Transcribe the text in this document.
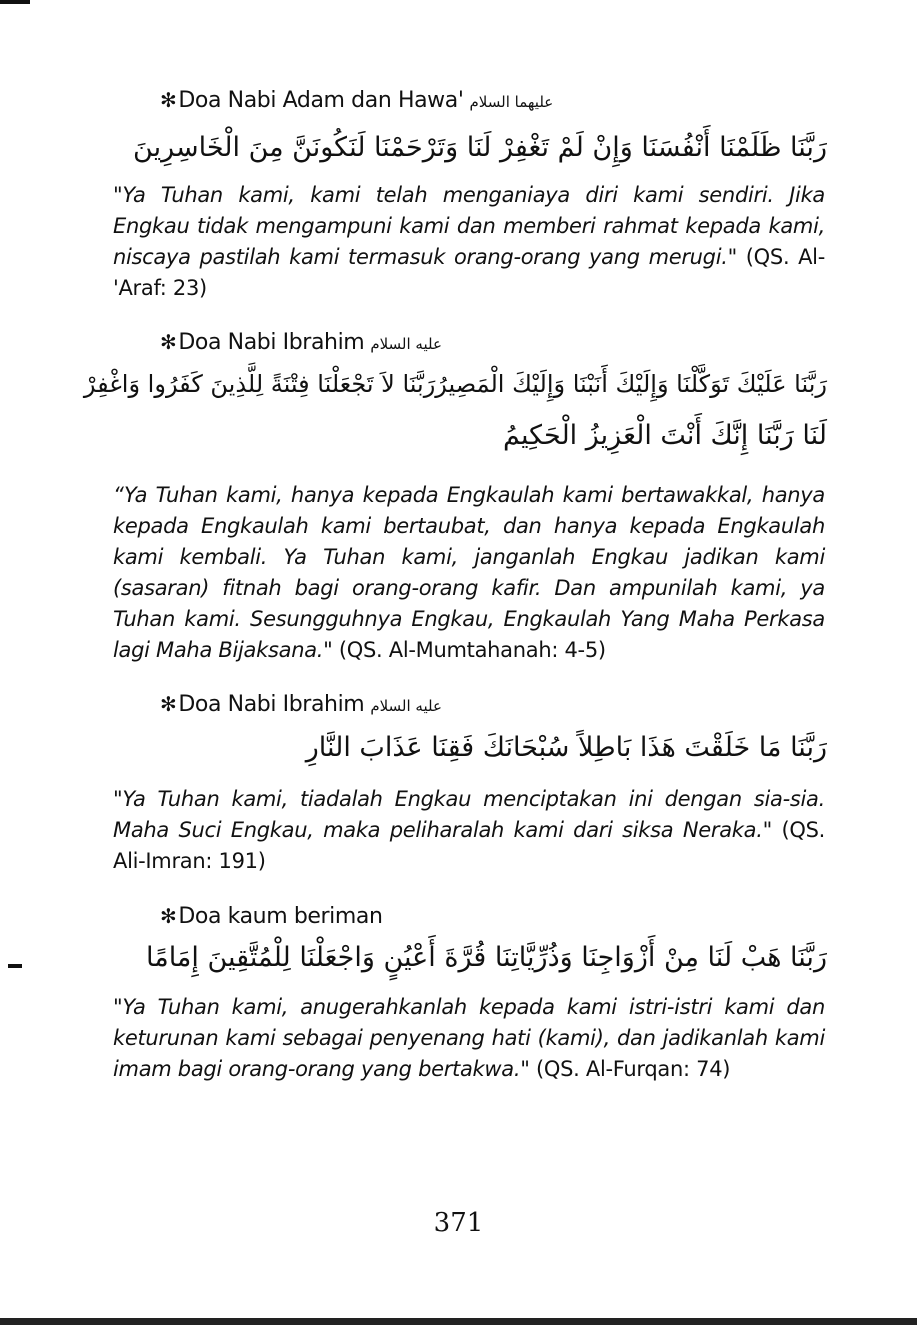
✻Doa Nabi Adam dan Hawa' عليهما السلام
رَبَّنَا ظَلَمْنَا أَنْفُسَنَا وَإِنْ لَمْ تَغْفِرْ لَنَا وَتَرْحَمْنَا لَنَكُونَنَّ مِنَ الْخَاسِرِينَ
"Ya Tuhan kami, kami telah menganiaya diri kami sendiri. Jika Engkau tidak mengampuni kami dan memberi rahmat kepada kami, niscaya pastilah kami termasuk orang-orang yang merugi." (QS. Al-'Araf: 23)
✻Doa Nabi Ibrahim عليه السلام
رَبَّنَا عَلَيْكَ تَوَكَّلْنَا وَإِلَيْكَ أَنَبْنَا وَإِلَيْكَ الْمَصِيرُرَبَّنَا لاَ تَجْعَلْنَا فِتْنَةً لِلَّذِينَ كَفَرُوا وَاغْفِرْ
لَنَا رَبَّنَا إِنَّكَ أَنْتَ الْعَزِيزُ الْحَكِيمُ
“Ya Tuhan kami, hanya kepada Engkaulah kami bertawakkal, hanya kepada Engkaulah kami bertaubat, dan hanya kepada Engkaulah kami kembali. Ya Tuhan kami, janganlah Engkau jadikan kami (sasaran) fitnah bagi orang-orang kafir. Dan ampunilah kami, ya Tuhan kami. Sesungguhnya Engkau, Engkaulah Yang Maha Perkasa lagi Maha Bijaksana." (QS. Al-Mumtahanah: 4-5)
✻Doa Nabi Ibrahim عليه السلام
رَبَّنَا مَا خَلَقْتَ هَذَا بَاطِلاً سُبْحَانَكَ فَقِنَا عَذَابَ النَّارِ
"Ya Tuhan kami, tiadalah Engkau menciptakan ini dengan sia-sia. Maha Suci Engkau, maka peliharalah kami dari siksa Neraka." (QS. Ali-Imran: 191)
✻Doa kaum beriman
رَبَّنَا هَبْ لَنَا مِنْ أَزْوَاجِنَا وَذُرِّيَّاتِنَا قُرَّةَ أَعْيُنٍ وَاجْعَلْنَا لِلْمُتَّقِينَ إِمَامًا
"Ya Tuhan kami, anugerahkanlah kepada kami istri-istri kami dan keturunan kami sebagai penyenang hati (kami), dan jadikanlah kami imam bagi orang-orang yang bertakwa." (QS. Al-Furqan: 74)
371
